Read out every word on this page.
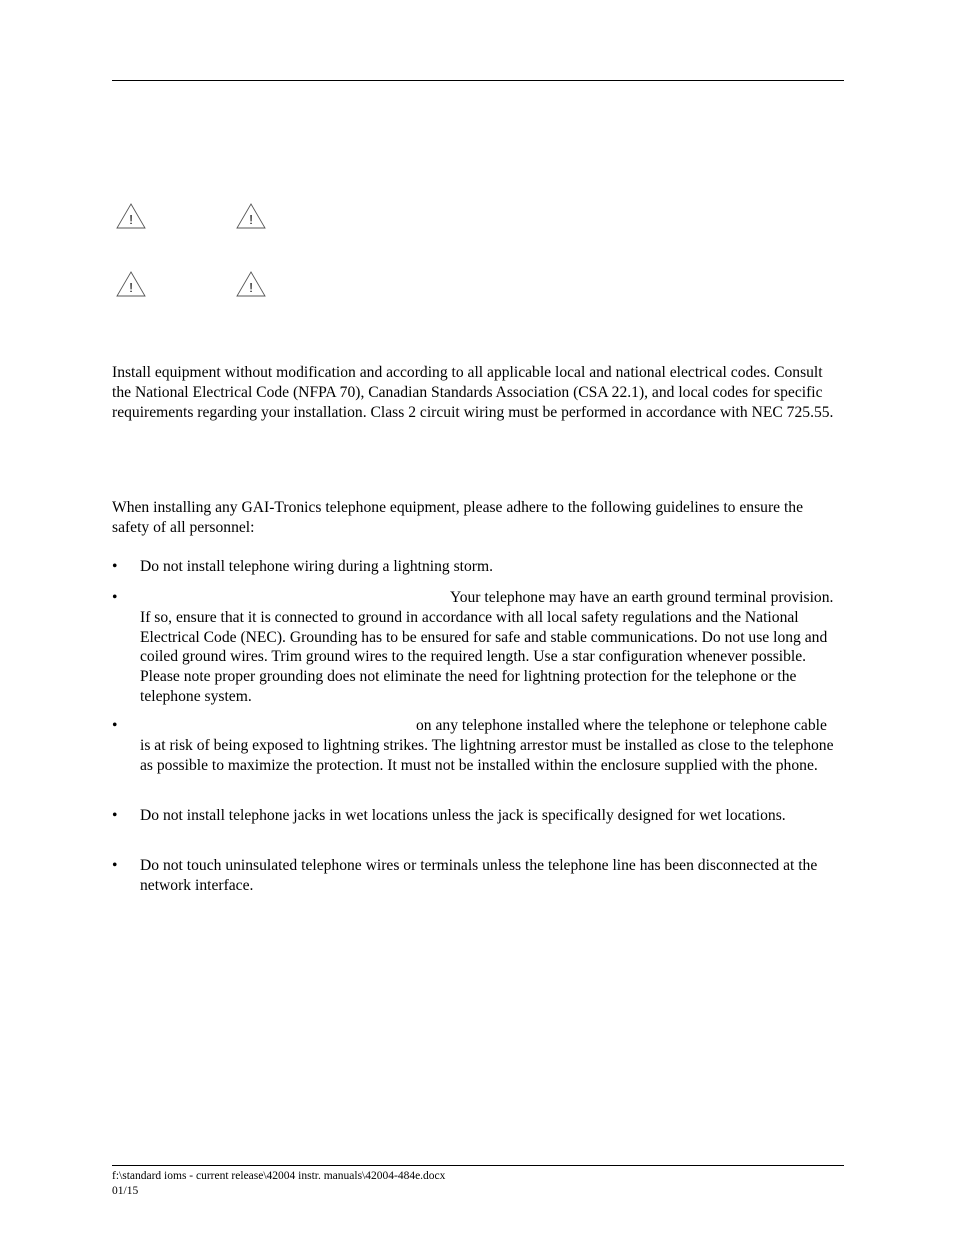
!	!
!	!

Install equipment without modification and according to all applicable local and national electrical codes. Consult the National Electrical Code (NFPA 70), Canadian Standards Association (CSA 22.1), and local codes for specific requirements regarding your installation. Class 2 circuit wiring must be performed in accordance with NEC 725.55.

When installing any GAI-Tronics telephone equipment, please adhere to the following guidelines to ensure the safety of all personnel:

•	Do not install telephone wiring during a lightning storm.
•	Your telephone may have an earth ground terminal provision. If so, ensure that it is connected to ground in accordance with all local safety regulations and the National Electrical Code (NEC). Grounding has to be ensured for safe and stable communications. Do not use long and coiled ground wires. Trim ground wires to the required length. Use a star configuration whenever possible. Please note proper grounding does not eliminate the need for lightning protection for the telephone or the telephone system.
•	on any telephone installed where the telephone or telephone cable is at risk of being exposed to lightning strikes. The lightning arrestor must be installed as close to the telephone as possible to maximize the protection. It must not be installed within the enclosure supplied with the phone.
•	Do not install telephone jacks in wet locations unless the jack is specifically designed for wet locations.
•	Do not touch uninsulated telephone wires or terminals unless the telephone line has been disconnected at the network interface.
f:\standard ioms - current release\42004 instr. manuals\42004-484e.docx
01/15
